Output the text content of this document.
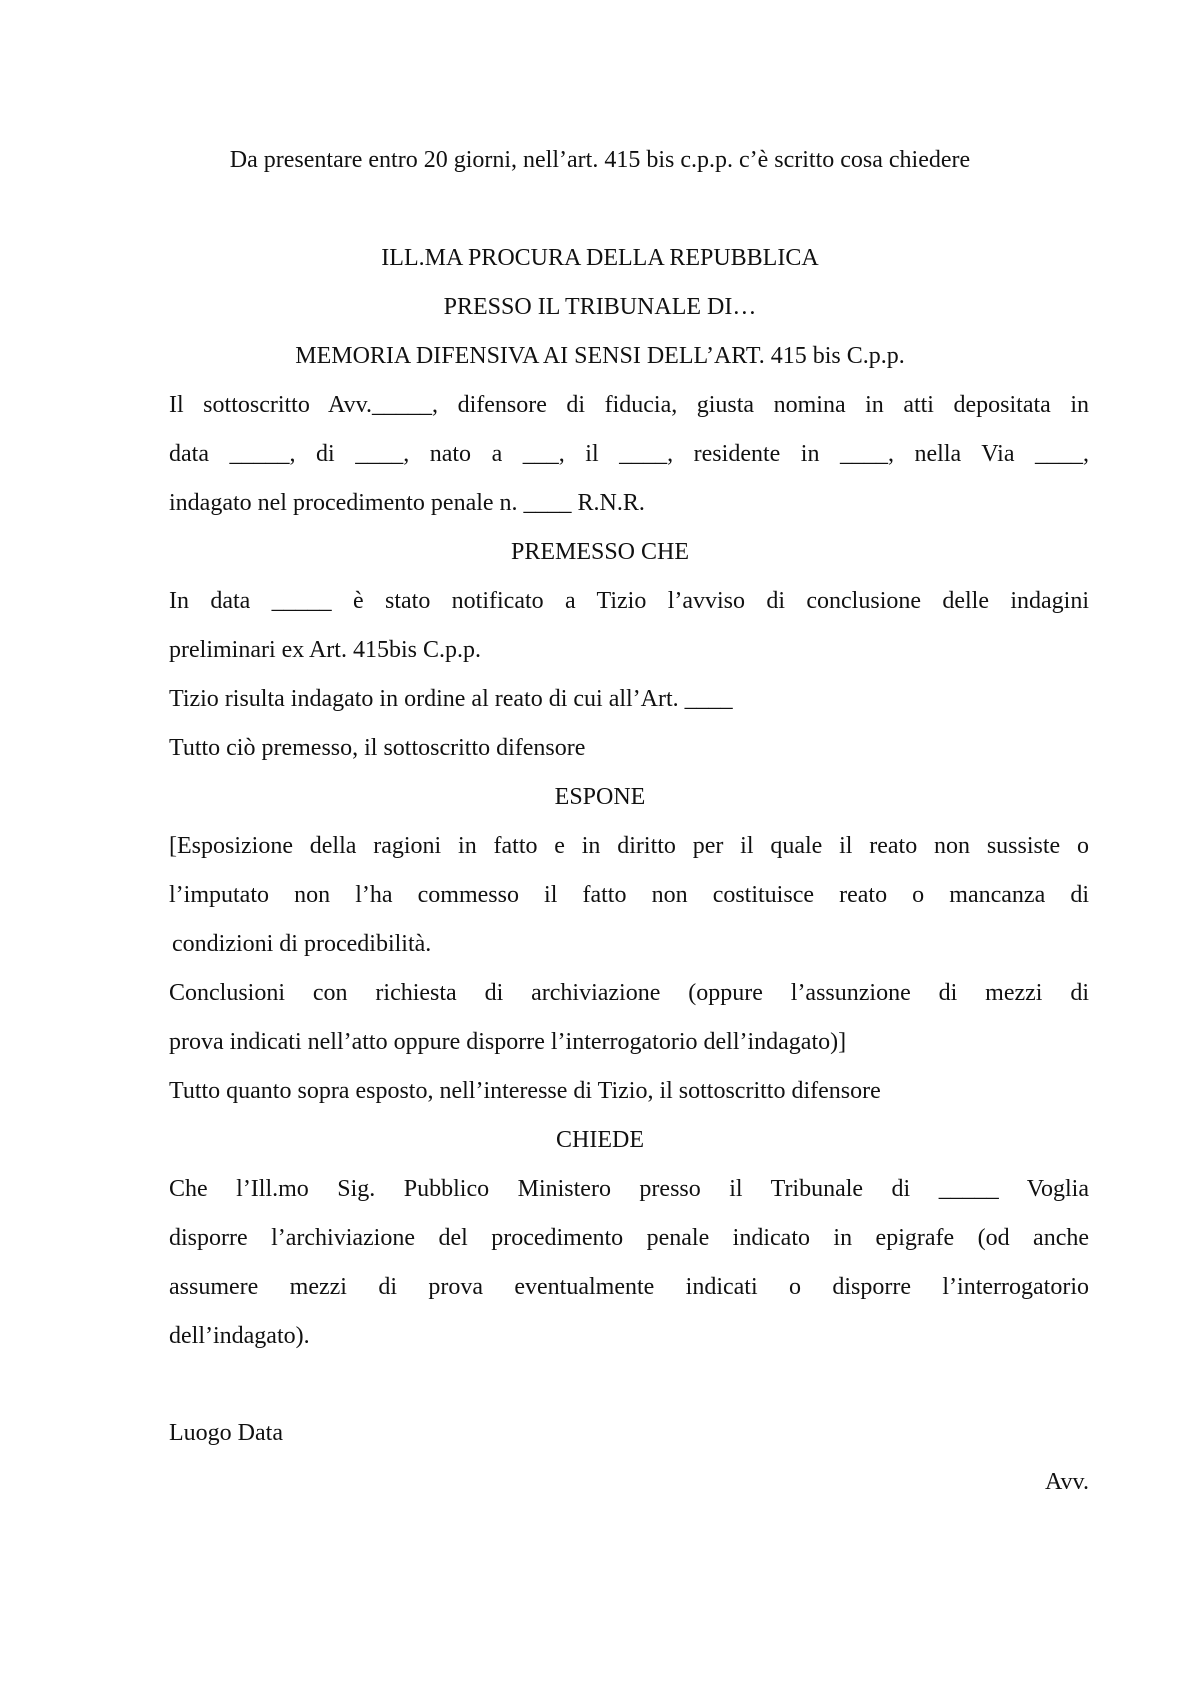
Da presentare entro 20 giorni, nell’art. 415 bis c.p.p. c’è scritto cosa chiedere
ILL.MA PROCURA DELLA REPUBBLICA
PRESSO IL TRIBUNALE DI…
MEMORIA DIFENSIVA AI SENSI DELL’ART. 415 bis C.p.p.
Il sottoscritto Avv._____, difensore di fiducia, giusta nomina in atti depositata in
data _____, di ____, nato a ___, il ____, residente in ____, nella Via ____,
indagato nel procedimento penale n. ____ R.N.R.
PREMESSO CHE
In data _____ è stato notificato a Tizio l’avviso di conclusione delle indagini
preliminari ex Art. 415bis C.p.p.
Tizio risulta indagato in ordine al reato di cui all’Art. ____
Tutto ciò premesso, il sottoscritto difensore
ESPONE
[Esposizione della ragioni in fatto e in diritto per il quale il reato non sussiste o
l’imputato non l’ha commesso il fatto non costituisce reato o mancanza di
condizioni di procedibilità.
Conclusioni con richiesta di archiviazione (oppure l’assunzione di mezzi di
prova indicati nell’atto oppure disporre l’interrogatorio dell’indagato)]
Tutto quanto sopra esposto, nell’interesse di Tizio, il sottoscritto difensore
CHIEDE
Che l’Ill.mo Sig. Pubblico Ministero presso il Tribunale di _____ Voglia
disporre l’archiviazione del procedimento penale indicato in epigrafe (od anche
assumere mezzi di prova eventualmente indicati o disporre l’interrogatorio
dell’indagato).
Luogo Data
Avv.
